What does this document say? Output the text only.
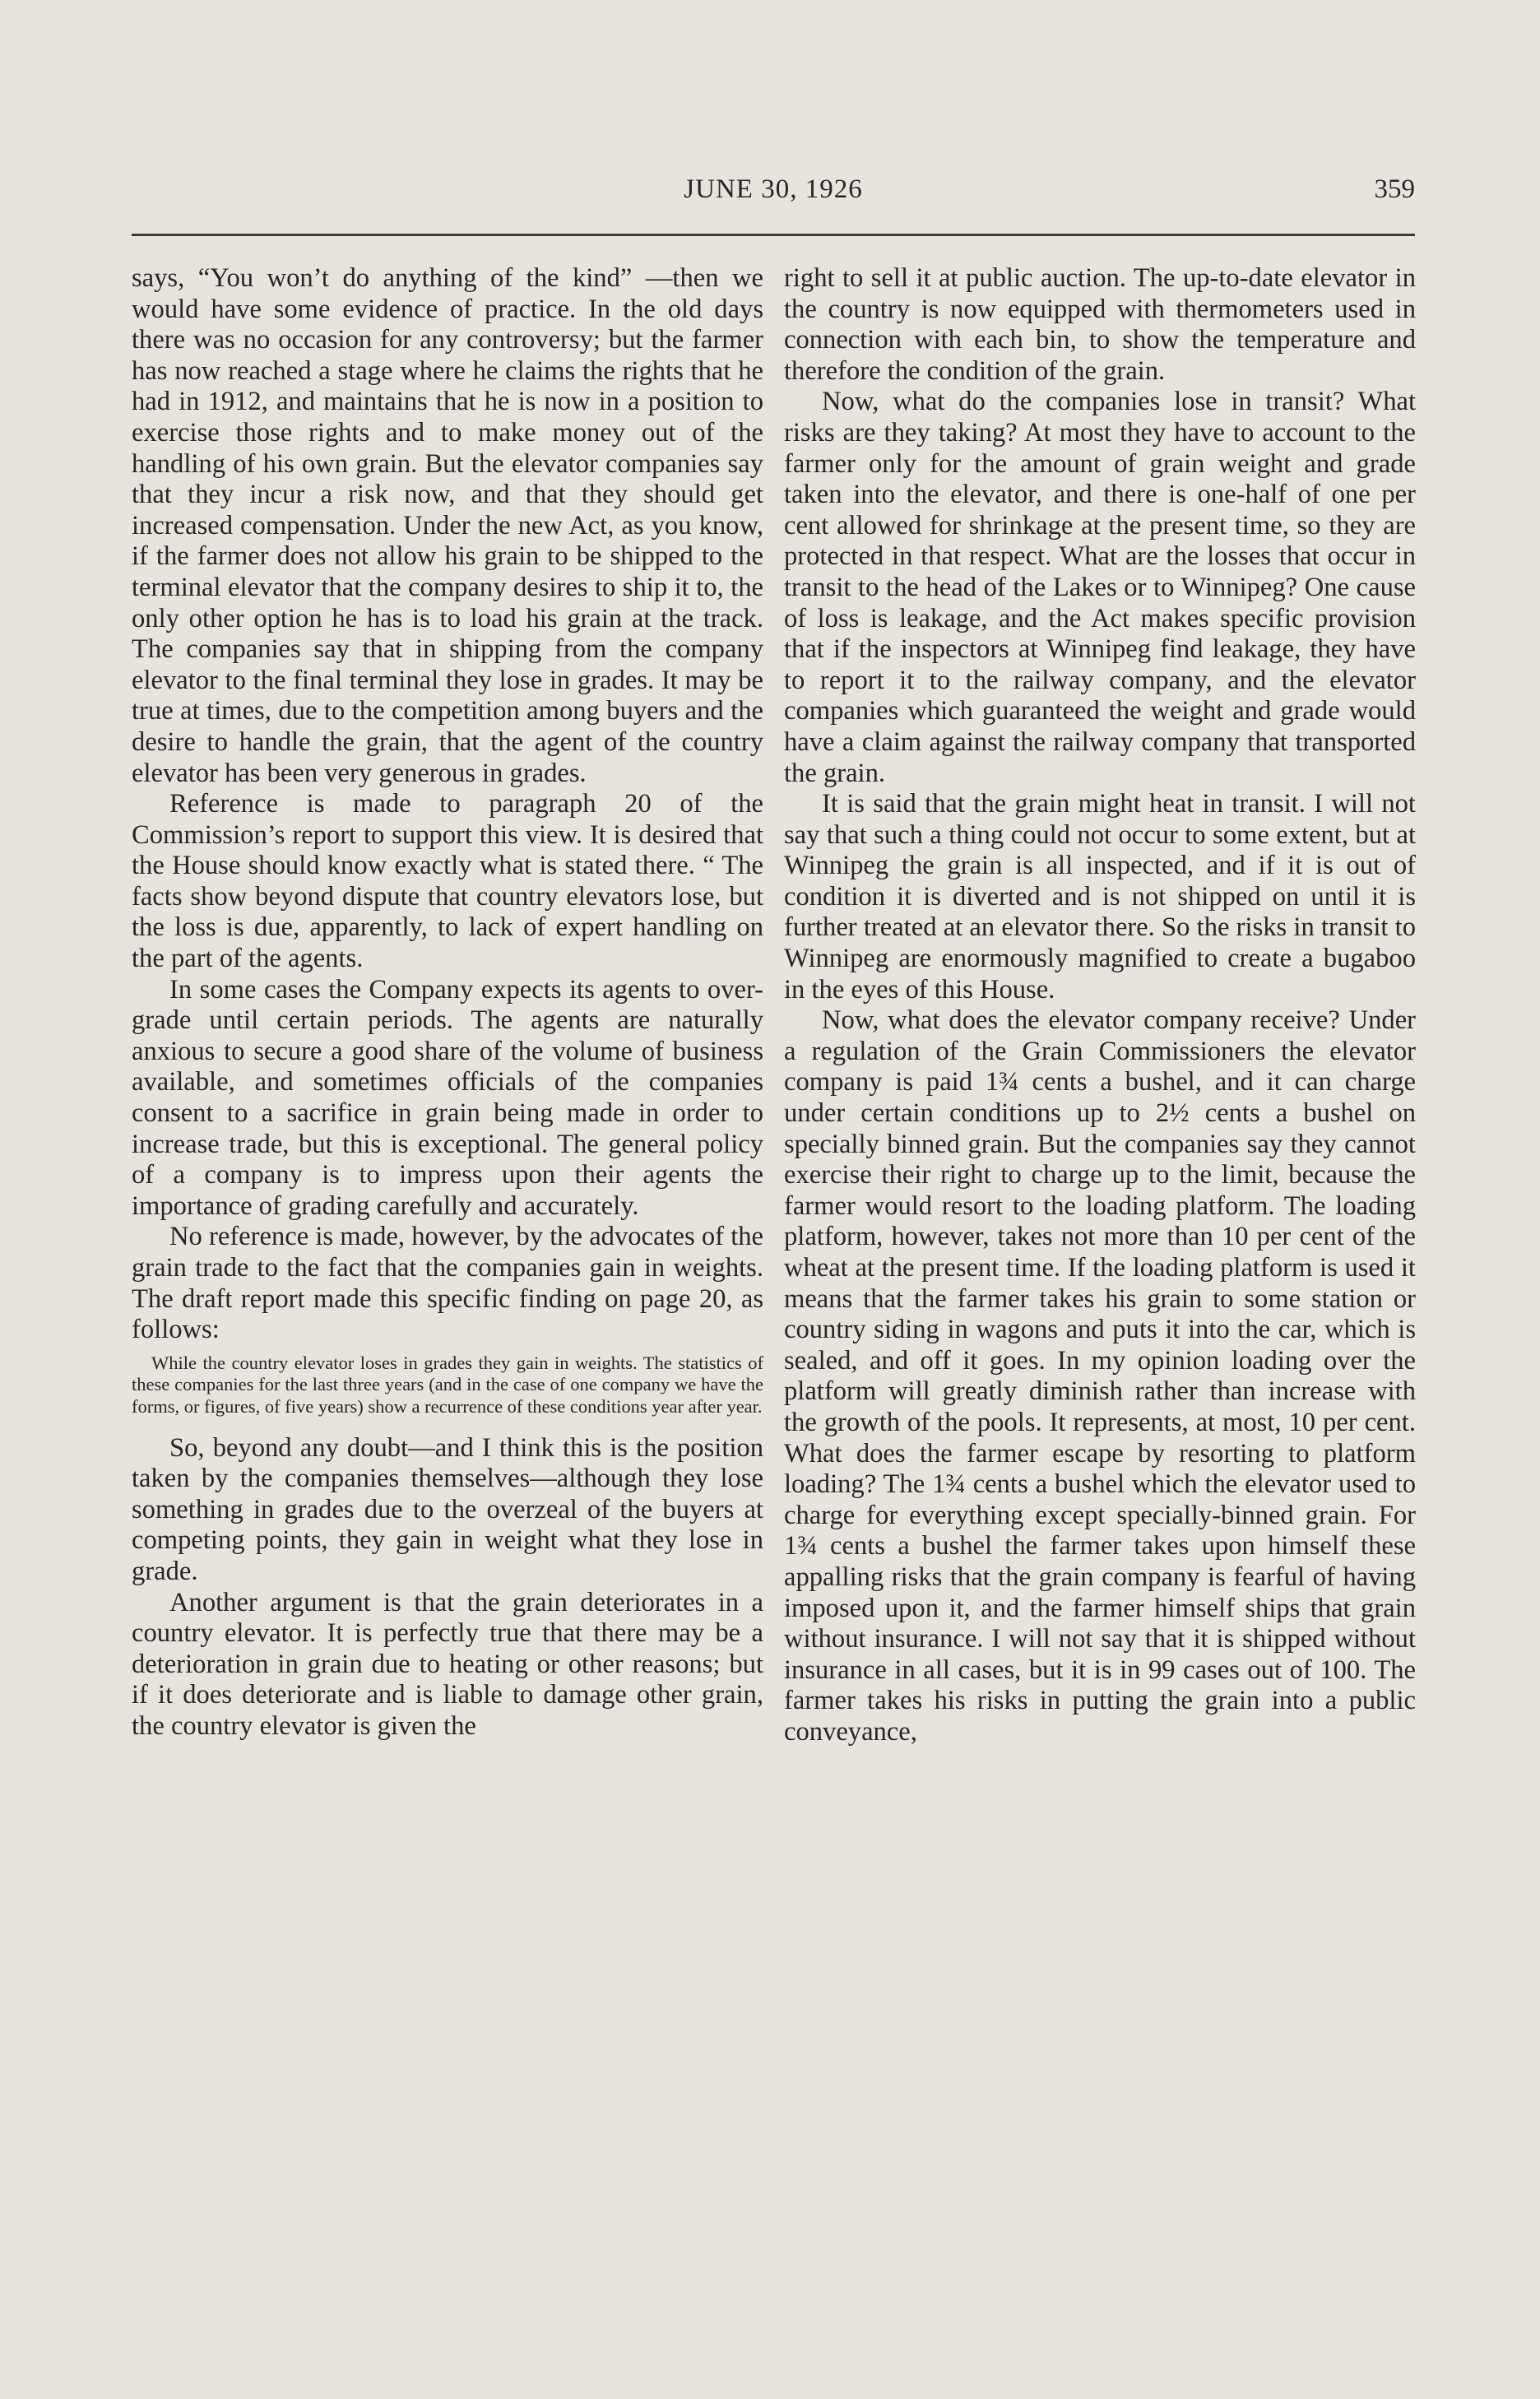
JUNE 30, 1926	359

says, “You won’t do anything of the kind” —then we would have some evidence of practice. In the old days there was no occasion for any controversy; but the farmer has now reached a stage where he claims the rights that he had in 1912, and maintains that he is now in a position to exercise those rights and to make money out of the handling of his own grain. But the elevator companies say that they incur a risk now, and that they should get increased compensation. Under the new Act, as you know, if the farmer does not allow his grain to be shipped to the terminal elevator that the company desires to ship it to, the only other option he has is to load his grain at the track. The companies say that in shipping from the company elevator to the final terminal they lose in grades. It may be true at times, due to the competition among buyers and the desire to handle the grain, that the agent of the country elevator has been very generous in grades.

Reference is made to paragraph 20 of the Commission’s report to support this view. It is desired that the House should know exactly what is stated there. “ The facts show beyond dispute that country elevators lose, but the loss is due, apparently, to lack of expert handling on the part of the agents.

In some cases the Company expects its agents to over-grade until certain periods. The agents are naturally anxious to secure a good share of the volume of business available, and sometimes officials of the companies consent to a sacrifice in grain being made in order to increase trade, but this is exceptional. The general policy of a company is to impress upon their agents the importance of grading carefully and accurately.

No reference is made, however, by the advocates of the grain trade to the fact that the companies gain in weights. The draft report made this specific finding on page 20, as follows:

While the country elevator loses in grades they gain in weights. The statistics of these companies for the last three years (and in the case of one company we have the forms, or figures, of five years) show a recurrence of these conditions year after year.

So, beyond any doubt—and I think this is the position taken by the companies themselves—although they lose something in grades due to the overzeal of the buyers at competing points, they gain in weight what they lose in grade.

Another argument is that the grain deteriorates in a country elevator. It is perfectly true that there may be a deterioration in grain due to heating or other reasons; but if it does deteriorate and is liable to damage other grain, the country elevator is given the

right to sell it at public auction. The up-to-date elevator in the country is now equipped with thermometers used in connection with each bin, to show the temperature and therefore the condition of the grain.

Now, what do the companies lose in transit? What risks are they taking? At most they have to account to the farmer only for the amount of grain weight and grade taken into the elevator, and there is one-half of one per cent allowed for shrinkage at the present time, so they are protected in that respect. What are the losses that occur in transit to the head of the Lakes or to Winnipeg? One cause of loss is leakage, and the Act makes specific provision that if the inspectors at Winnipeg find leakage, they have to report it to the railway company, and the elevator companies which guaranteed the weight and grade would have a claim against the railway company that transported the grain.

It is said that the grain might heat in transit. I will not say that such a thing could not occur to some extent, but at Winnipeg the grain is all inspected, and if it is out of condition it is diverted and is not shipped on until it is further treated at an elevator there. So the risks in transit to Winnipeg are enormously magnified to create a bugaboo in the eyes of this House.

Now, what does the elevator company receive? Under a regulation of the Grain Commissioners the elevator company is paid 1¾ cents a bushel, and it can charge under certain conditions up to 2½ cents a bushel on specially binned grain. But the companies say they cannot exercise their right to charge up to the limit, because the farmer would resort to the loading platform. The loading platform, however, takes not more than 10 per cent of the wheat at the present time. If the loading platform is used it means that the farmer takes his grain to some station or country siding in wagons and puts it into the car, which is sealed, and off it goes. In my opinion loading over the platform will greatly diminish rather than increase with the growth of the pools. It represents, at most, 10 per cent. What does the farmer escape by resorting to platform loading? The 1¾ cents a bushel which the elevator used to charge for everything except specially-binned grain. For 1¾ cents a bushel the farmer takes upon himself these appalling risks that the grain company is fearful of having imposed upon it, and the farmer himself ships that grain without insurance. I will not say that it is shipped without insurance in all cases, but it is in 99 cases out of 100. The farmer takes his risks in putting the grain into a public conveyance,
